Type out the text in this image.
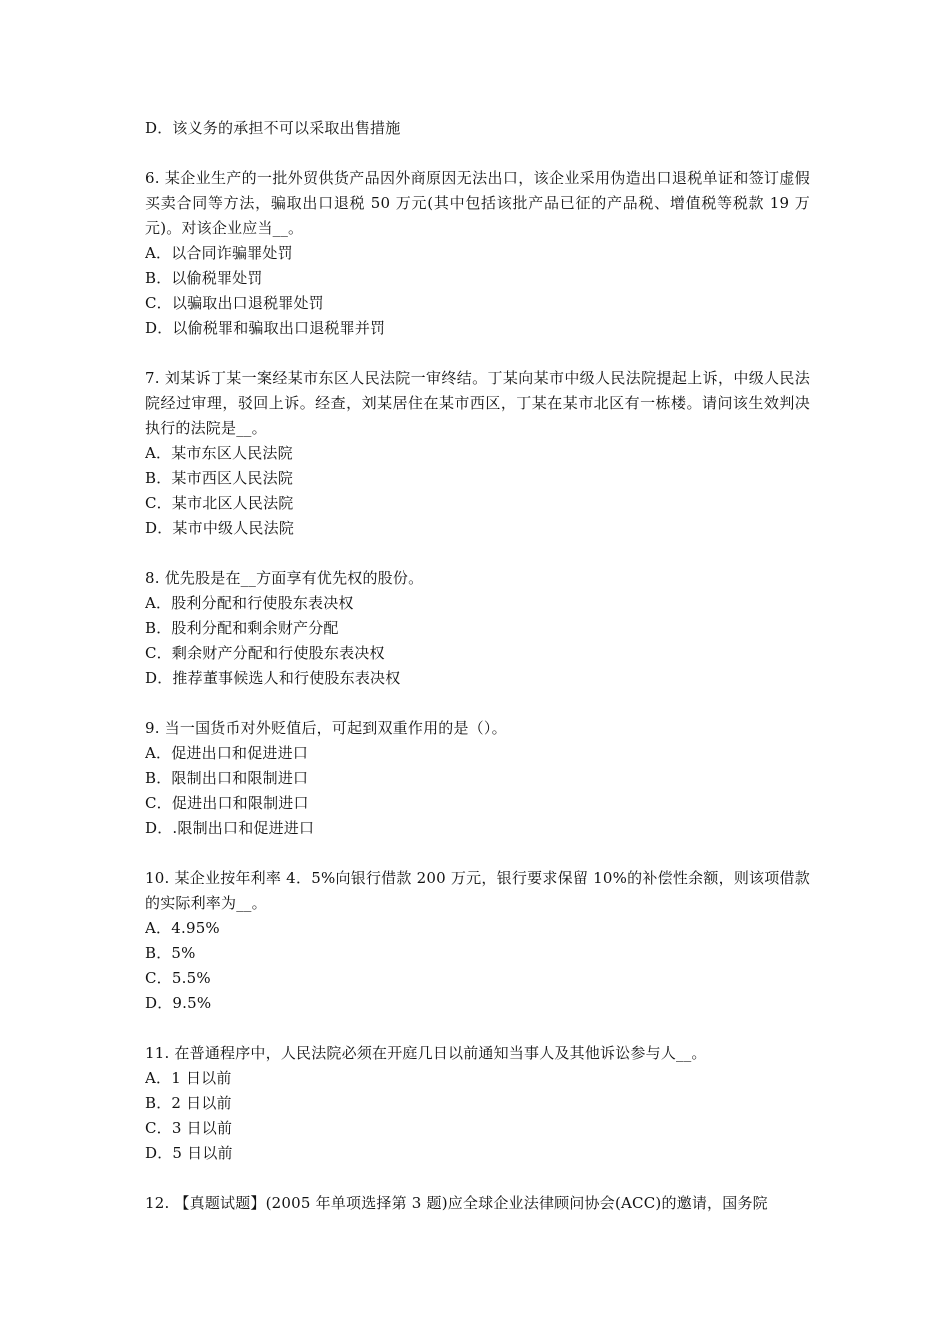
D．该义务的承担不可以采取出售措施
6. 某企业生产的一批外贸供货产品因外商原因无法出口，该企业采用伪造出口退税单证和签订虚假买卖合同等方法，骗取出口退税 50 万元(其中包括该批产品已征的产品税、增值税等税款 19 万元)。对该企业应当__。
A．以合同诈骗罪处罚
B．以偷税罪处罚
C．以骗取出口退税罪处罚
D．以偷税罪和骗取出口退税罪并罚
7. 刘某诉丁某一案经某市东区人民法院一审终结。丁某向某市中级人民法院提起上诉，中级人民法院经过审理，驳回上诉。经查，刘某居住在某市西区，丁某在某市北区有一栋楼。请问该生效判决执行的法院是__。
A．某市东区人民法院
B．某市西区人民法院
C．某市北区人民法院
D．某市中级人民法院
8. 优先股是在__方面享有优先权的股份。
A．股利分配和行使股东表决权
B．股利分配和剩余财产分配
C．剩余财产分配和行使股东表决权
D．推荐董事候选人和行使股东表决权
9. 当一国货币对外贬值后，可起到双重作用的是（）。
A．促进出口和促进进口
B．限制出口和限制进口
C．促进出口和限制进口
D．.限制出口和促进进口
10. 某企业按年利率 4．5%向银行借款 200 万元，银行要求保留 10%的补偿性余额，则该项借款的实际利率为__。
A．4.95%
B．5%
C．5.5%
D．9.5%
11. 在普通程序中，人民法院必须在开庭几日以前通知当事人及其他诉讼参与人__。
A．1 日以前
B．2 日以前
C．3 日以前
D．5 日以前
12. 【真题试题】(2005 年单项选择第 3 题)应全球企业法律顾问协会(ACC)的邀请，国务院
